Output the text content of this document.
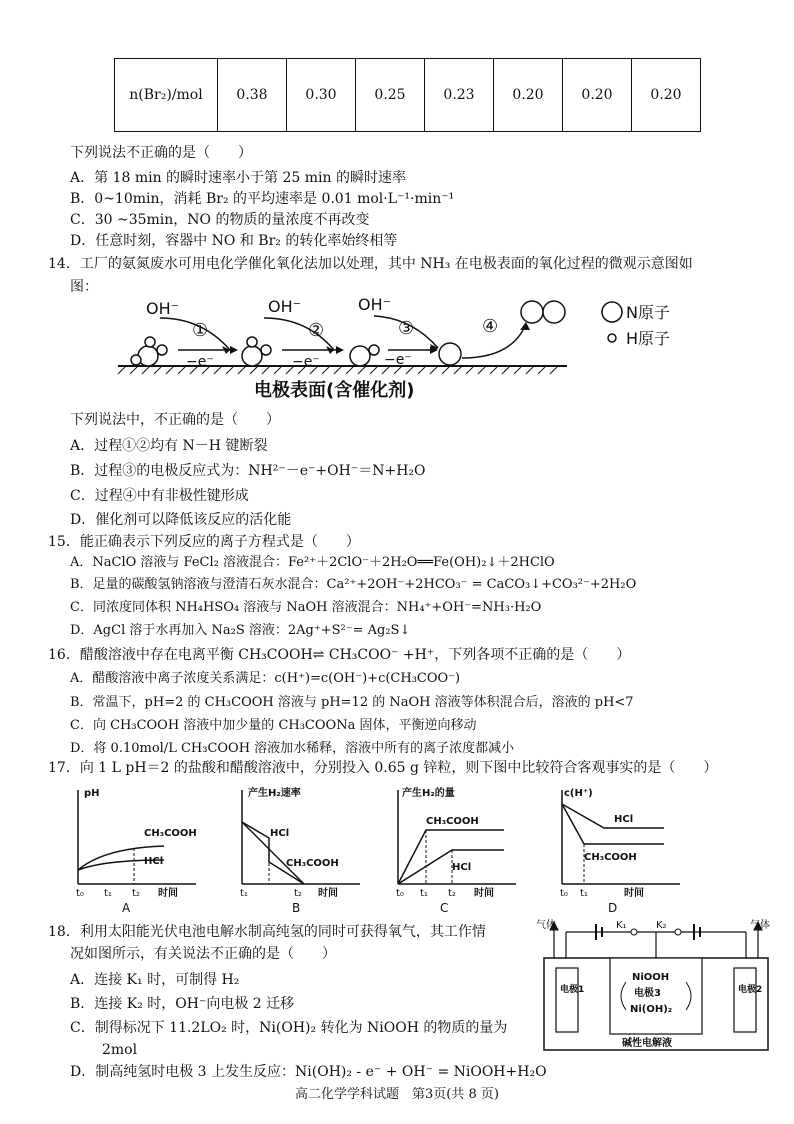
n(Br₂)/mol	0.38	0.30	0.25	0.23	0.20	0.20	0.20
下列说法不正确的是（　　）
A．第 18 min 的瞬时速率小于第 25 min 的瞬时速率
B．0~10min，消耗 Br₂ 的平均速率是 0.01 mol·L⁻¹·min⁻¹
C．30 ~35min，NO 的物质的量浓度不再改变
D．任意时刻，容器中 NO 和 Br₂ 的转化率始终相等
14．工厂的氨氮废水可用电化学催化氧化法加以处理，其中 NH₃ 在电极表面的氧化过程的微观示意图如
图：
OH⁻	OH⁻	OH⁻
①	②	③	④
−e⁻	−e⁻	−e⁻
N原子
H原子
电极表面(含催化剂)
下列说法中，不正确的是（　　）
A．过程①②均有 N－H 键断裂
B．过程③的电极反应式为：NH²⁻－e⁻+OH⁻＝N+H₂O
C．过程④中有非极性键形成
D．催化剂可以降低该反应的活化能
15．能正确表示下列反应的离子方程式是（　　）
A．NaClO 溶液与 FeCl₂ 溶液混合：Fe²⁺＋2ClO⁻＋2H₂O══Fe(OH)₂↓＋2HClO
B．足量的碳酸氢钠溶液与澄清石灰水混合：Ca²⁺+2OH⁻+2HCO₃⁻ = CaCO₃↓+CO₃²⁻+2H₂O
C．同浓度同体积 NH₄HSO₄ 溶液与 NaOH 溶液混合：NH₄⁺+OH⁻=NH₃·H₂O
D．AgCl 溶于水再加入 Na₂S 溶液：2Ag⁺+S²⁻= Ag₂S↓
16．醋酸溶液中存在电离平衡 CH₃COOH⇌ CH₃COO⁻ +H⁺，下列各项不正确的是（　　）
A．醋酸溶液中离子浓度关系满足：c(H⁺)=c(OH⁻)+c(CH₃COO⁻)
B．常温下，pH=2 的 CH₃COOH 溶液与 pH=12 的 NaOH 溶液等体积混合后，溶液的 pH<7
C．向 CH₃COOH 溶液中加少量的 CH₃COONa 固体，平衡逆向移动
D．将 0.10mol/L CH₃COOH 溶液加水稀释，溶液中所有的离子浓度都减小
17．向 1 L pH＝2 的盐酸和醋酸溶液中，分别投入 0.65 g 锌粒，则下图中比较符合客观事实的是（　　）
pH
CH₃COOH
HCl
t₀ t₁ t₂ 时间
A
产生H₂速率
HCl
CH₃COOH
t₁	t₂ 时间
B
产生H₂的量
CH₃COOH
HCl
t₀ t₁ t₂ 时间
C
c(H⁺)
HCl
CH₃COOH
t₀ t₁	时间
D
18．利用太阳能光伏电池电解水制高纯氢的同时可获得氧气，其工作情
况如图所示，有关说法不正确的是（　　）
A．连接 K₁ 时，可制得 H₂
B．连接 K₂ 时，OH⁻向电极 2 迁移
C．制得标况下 11.2LO₂ 时，Ni(OH)₂ 转化为 NiOOH 的物质的量为
2mol
D．制高纯氢时电极 3 上发生反应：Ni(OH)₂ - e⁻ + OH⁻ = NiOOH+H₂O
气体	气体
K₁	K₂
电极1	电极2
NiOOH
电极3
Ni(OH)₂
碱性电解液
高二化学学科试题　第3页(共 8 页)
